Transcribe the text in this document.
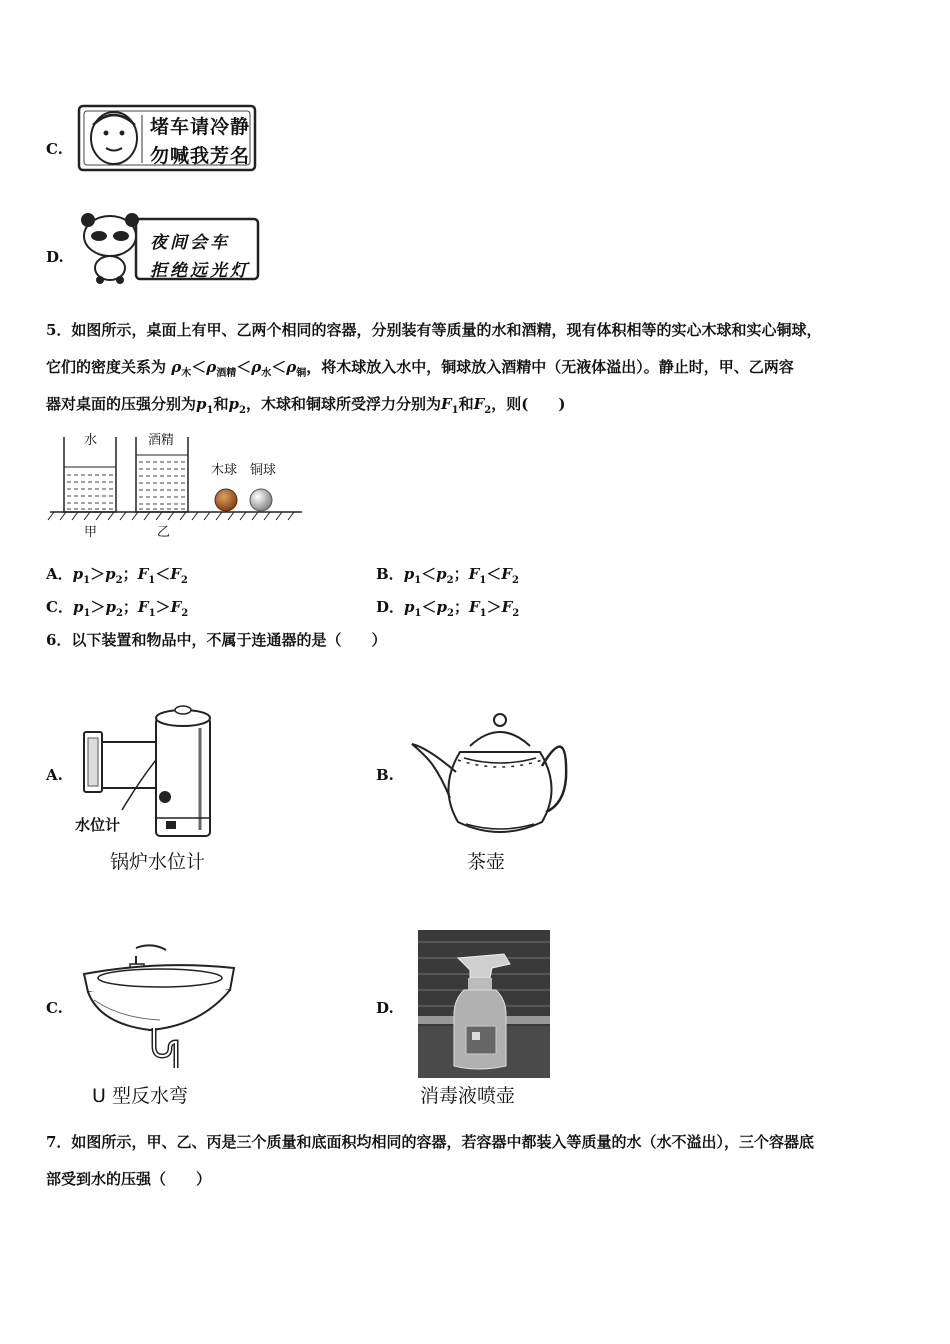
C.
堵车请冷静
勿喊我芳名
D.
夜间会车
拒绝远光灯
5．如图所示，桌面上有甲、乙两个相同的容器，分别装有等质量的水和酒精，现有体积相等的实心木球和实心铜球，
它们的密度关系为 $\rho_木<\rho_{酒精}<\rho_水<\rho_铜$，将木球放入水中，铜球放入酒精中（无液体溢出）。静止时，甲、乙两容
器对桌面的压强分别为$p_1$和$p_2$，木球和铜球所受浮力分别为$F_1$和$F_2$，则(　　)
水	酒精
甲	乙
木球 铜球
A．$p_1>p_2$；$F_1<F_2$	B．$p_1<p_2$；$F_1<F_2$
C．$p_1>p_2$；$F_1>F_2$	D．$p_1<p_2$；$F_1>F_2$
6．以下装置和物品中，不属于连通器的是（　　）
A.
水位计
锅炉水位计
B.
茶壶
C.
U 型反水弯
D.
消毒液喷壶
7．如图所示，甲、乙、丙是三个质量和底面积均相同的容器，若容器中都装入等质量的水（水不溢出），三个容器底
部受到水的压强（　　）
